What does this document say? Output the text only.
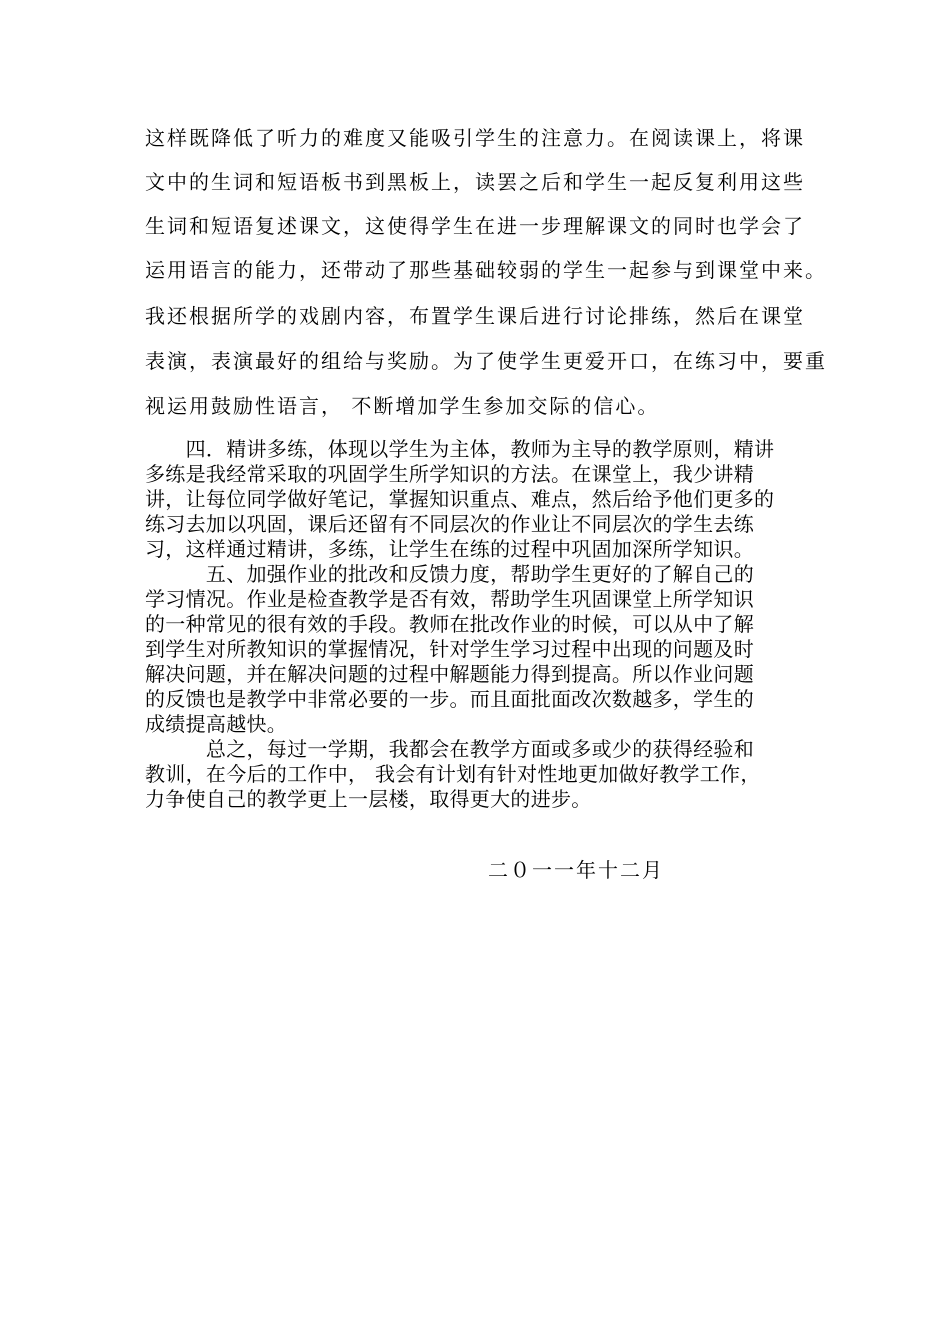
这样既降低了听力的难度又能吸引学生的注意力。在阅读课上，将课
文中的生词和短语板书到黑板上，读罢之后和学生一起反复利用这些
生词和短语复述课文，这使得学生在进一步理解课文的同时也学会了
运用语言的能力，还带动了那些基础较弱的学生一起参与到课堂中来。
我还根据所学的戏剧内容，布置学生课后进行讨论排练，然后在课堂
表演，表演最好的组给与奖励。为了使学生更爱开口，在练习中，要重
视运用鼓励性语言， 不断增加学生参加交际的信心。
　　四．精讲多练，体现以学生为主体，教师为主导的教学原则，精讲
多练是我经常采取的巩固学生所学知识的方法。在课堂上，我少讲精
讲，让每位同学做好笔记，掌握知识重点、难点，然后给予他们更多的
练习去加以巩固，课后还留有不同层次的作业让不同层次的学生去练
习，这样通过精讲，多练，让学生在练的过程中巩固加深所学知识。
　　　五、加强作业的批改和反馈力度，帮助学生更好的了解自己的
学习情况。作业是检查教学是否有效，帮助学生巩固课堂上所学知识
的一种常见的很有效的手段。教师在批改作业的时候，可以从中了解
到学生对所教知识的掌握情况，针对学生学习过程中出现的问题及时
解决问题，并在解决问题的过程中解题能力得到提高。所以作业问题
的反馈也是教学中非常必要的一步。而且面批面改次数越多，学生的
成绩提高越快。
　　　总之，每过一学期，我都会在教学方面或多或少的获得经验和
教训，在今后的工作中， 我会有计划有针对性地更加做好教学工作，
力争使自己的教学更上一层楼，取得更大的进步。
二０一一年十二月
